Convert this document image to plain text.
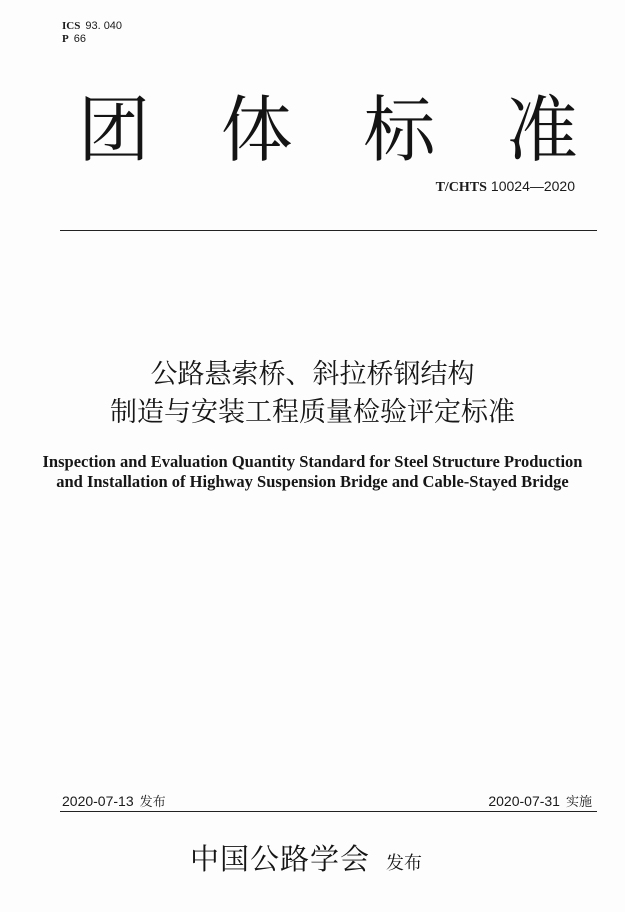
ICS 93. 040
P 66
团 体 标 准
T/CHTS 10024—2020
公路悬索桥、斜拉桥钢结构
制造与安装工程质量检验评定标准
Inspection and Evaluation Quantity Standard for Steel Structure Production
and Installation of Highway Suspension Bridge and Cable-Stayed Bridge
2020-07-13 发布	2020-07-31 实施
中国公路学会 发布
